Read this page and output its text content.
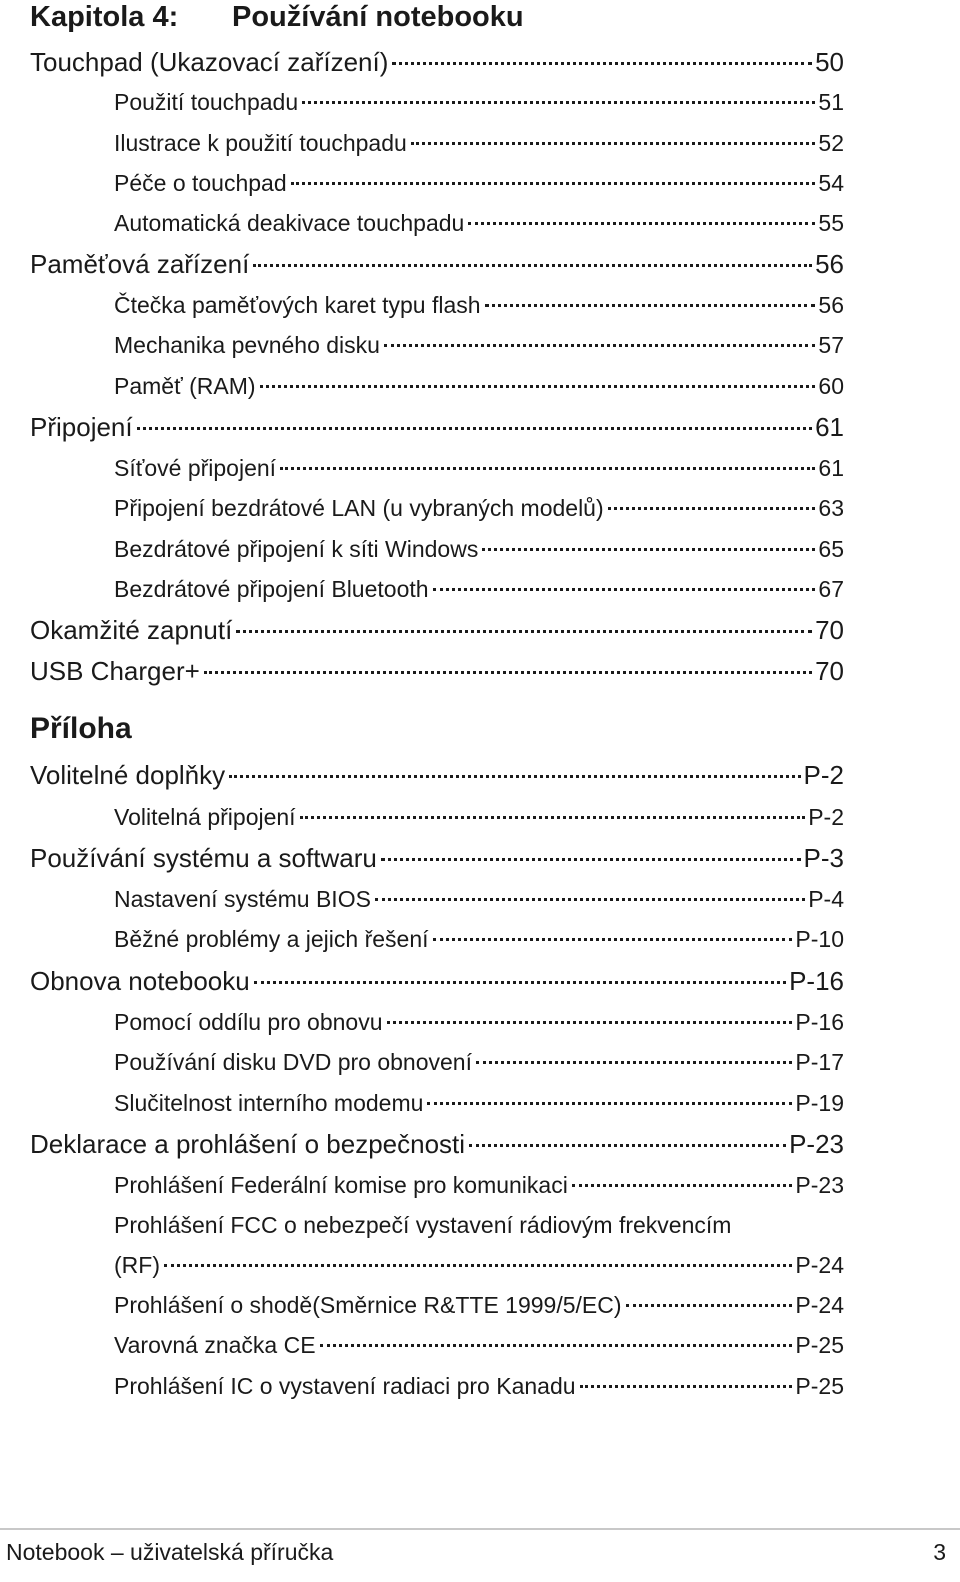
Kapitola 4: Používání notebooku
Touchpad (Ukazovací zařízení)	50
Použití touchpadu	51
Ilustrace k použití touchpadu	52
Péče o touchpad	54
Automatická deakivace touchpadu	55
Paměťová zařízení	56
Čtečka paměťových karet typu flash	56
Mechanika pevného disku	57
Paměť (RAM)	60
Připojení	61
Síťové připojení	61
Připojení bezdrátové LAN (u vybraných modelů)	63
Bezdrátové připojení k síti Windows	65
Bezdrátové připojení Bluetooth	67
Okamžité zapnutí	70
USB Charger+	70
Příloha
Volitelné doplňky	P-2
Volitelná připojení	P-2
Používání systému a softwaru	P-3
Nastavení systému BIOS	P-4
Běžné problémy a jejich řešení	P-10
Obnova notebooku	P-16
Pomocí oddílu pro obnovu	P-16
Používání disku DVD pro obnovení	P-17
Slučitelnost interního modemu	P-19
Deklarace a prohlášení o bezpečnosti	P-23
Prohlášení Federální komise pro komunikaci	P-23
Prohlášení FCC o nebezpečí vystavení rádiovým frekvencím
(RF)	P-24
Prohlášení o shodě(Směrnice R&TTE 1999/5/EC)	P-24
Varovná značka CE	P-25
Prohlášení IC o vystavení radiaci pro Kanadu	P-25
Notebook – uživatelská příručka	3
